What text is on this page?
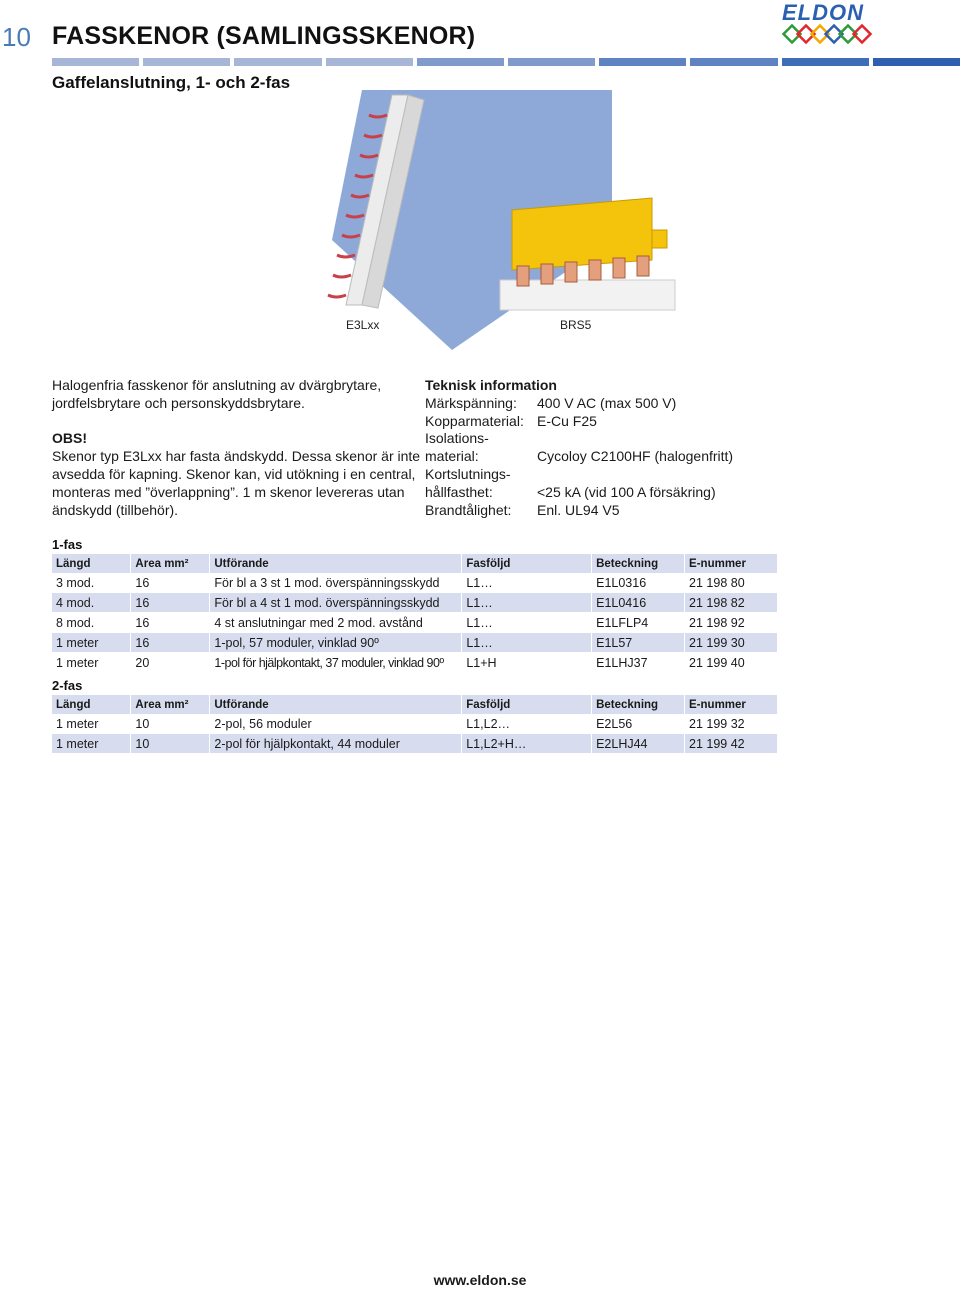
10 FASSKENOR (SAMLINGSSKENOR)
ELDON
Gaffelanslutning, 1- och 2-fas
E3Lxx	BRS5

Halogenfria fasskenor för anslutning av dvärgbrytare, jordfelsbrytare och personskyddsbrytare.

OBS!

Skenor typ E3Lxx har fasta ändskydd. Dessa skenor är inte avsedda för kapning. Skenor kan, vid utökning i en central, monteras med ”överlappning”. 1 m skenor levereras utan ändskydd (tillbehör).

Teknisk information
Märkspänning:	400 V AC (max 500 V)
Kopparmaterial: E-Cu F25
Isolations-
material:	Cycoloy C2100HF (halogenfritt)
Kortslutnings-
hållfasthet:	<25 kA (vid 100 A försäkring)
Brandtålighet:	Enl. UL94 V5
1-fas
Längd	Area mm²	Utförande	Fasföljd	Beteckning	E-nummer
3 mod.	16	För bl a 3 st 1 mod. överspänningsskydd	L1…	E1L0316	21 198 80
4 mod.	16	För bl a 4 st 1 mod. överspänningsskydd	L1…	E1L0416	21 198 82
8 mod.	16	4 st anslutningar med 2 mod. avstånd	L1…	E1LFLP4	21 198 92
1 meter	16	1-pol, 57 moduler, vinklad 90º	L1…	E1L57	21 199 30
1 meter	20	1-pol för hjälpkontakt, 37 moduler, vinklad 90º	L1+H	E1LHJ37	21 199 40
2-fas
Längd	Area mm²	Utförande	Fasföljd	Beteckning	E-nummer
1 meter	10	2-pol, 56 moduler	L1,L2…	E2L56	21 199 32
1 meter	10	2-pol för hjälpkontakt, 44 moduler	L1,L2+H…	E2LHJ44	21 199 42
www.eldon.se
